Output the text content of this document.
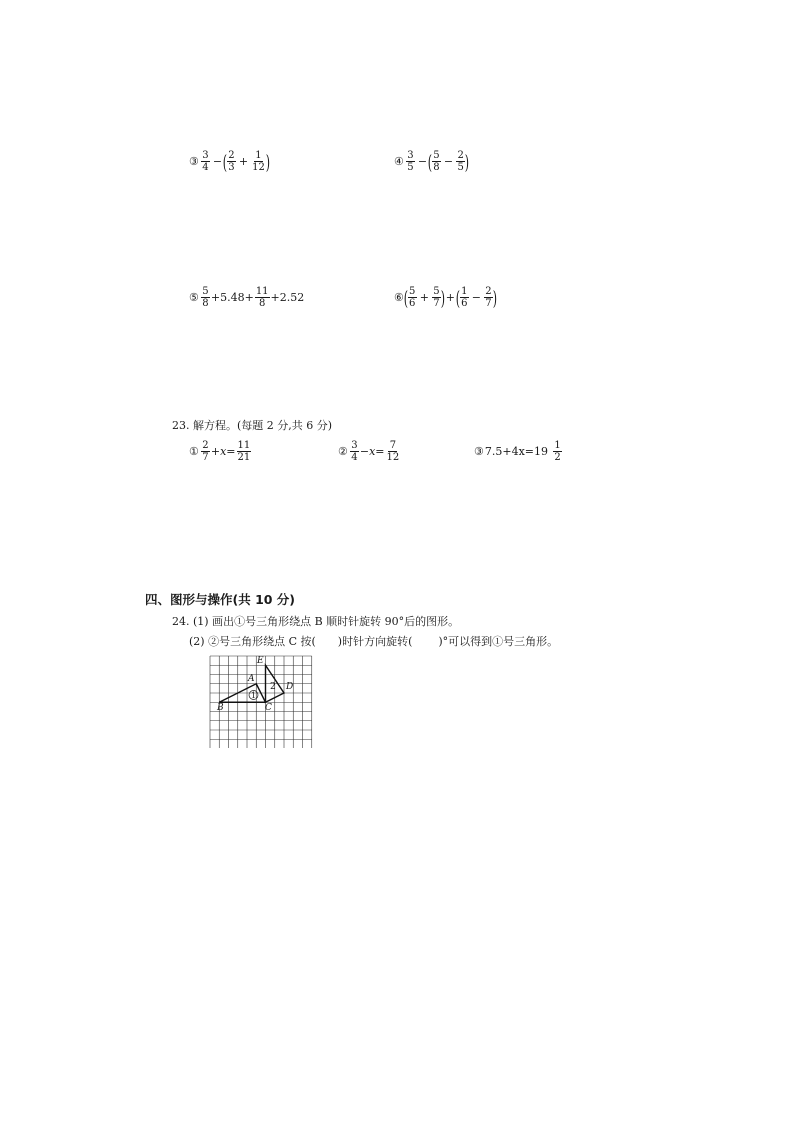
③ $\frac{3}{4}$ − ( $\frac{2}{3} + \frac{1}{12}$ )	④ $\frac{3}{5}$ − ( $\frac{5}{8} - \frac{2}{5}$ )
⑤ $\frac{5}{8} +5.48+ \frac{11}{8} +2.52$	⑥ ( $\frac{5}{6} + \frac{5}{7}$ ) + ( $\frac{1}{6} - \frac{2}{7}$ )
23. 解方程。(每题 2 分,共 6 分)
① $\frac{2}{7} +x= \frac{11}{21}$	② $\frac{3}{4} -x= \frac{7}{12}$	③ $7.5+4x=19 \frac{1}{2}$
四、图形与操作(共 10 分)
24. (1) 画出①号三角形绕点 B 顺时针旋转 90°后的图形。
(2) ②号三角形绕点 C 按( )时针方向旋转( )°可以得到①号三角形。
E
A
D
2
1
B	C
